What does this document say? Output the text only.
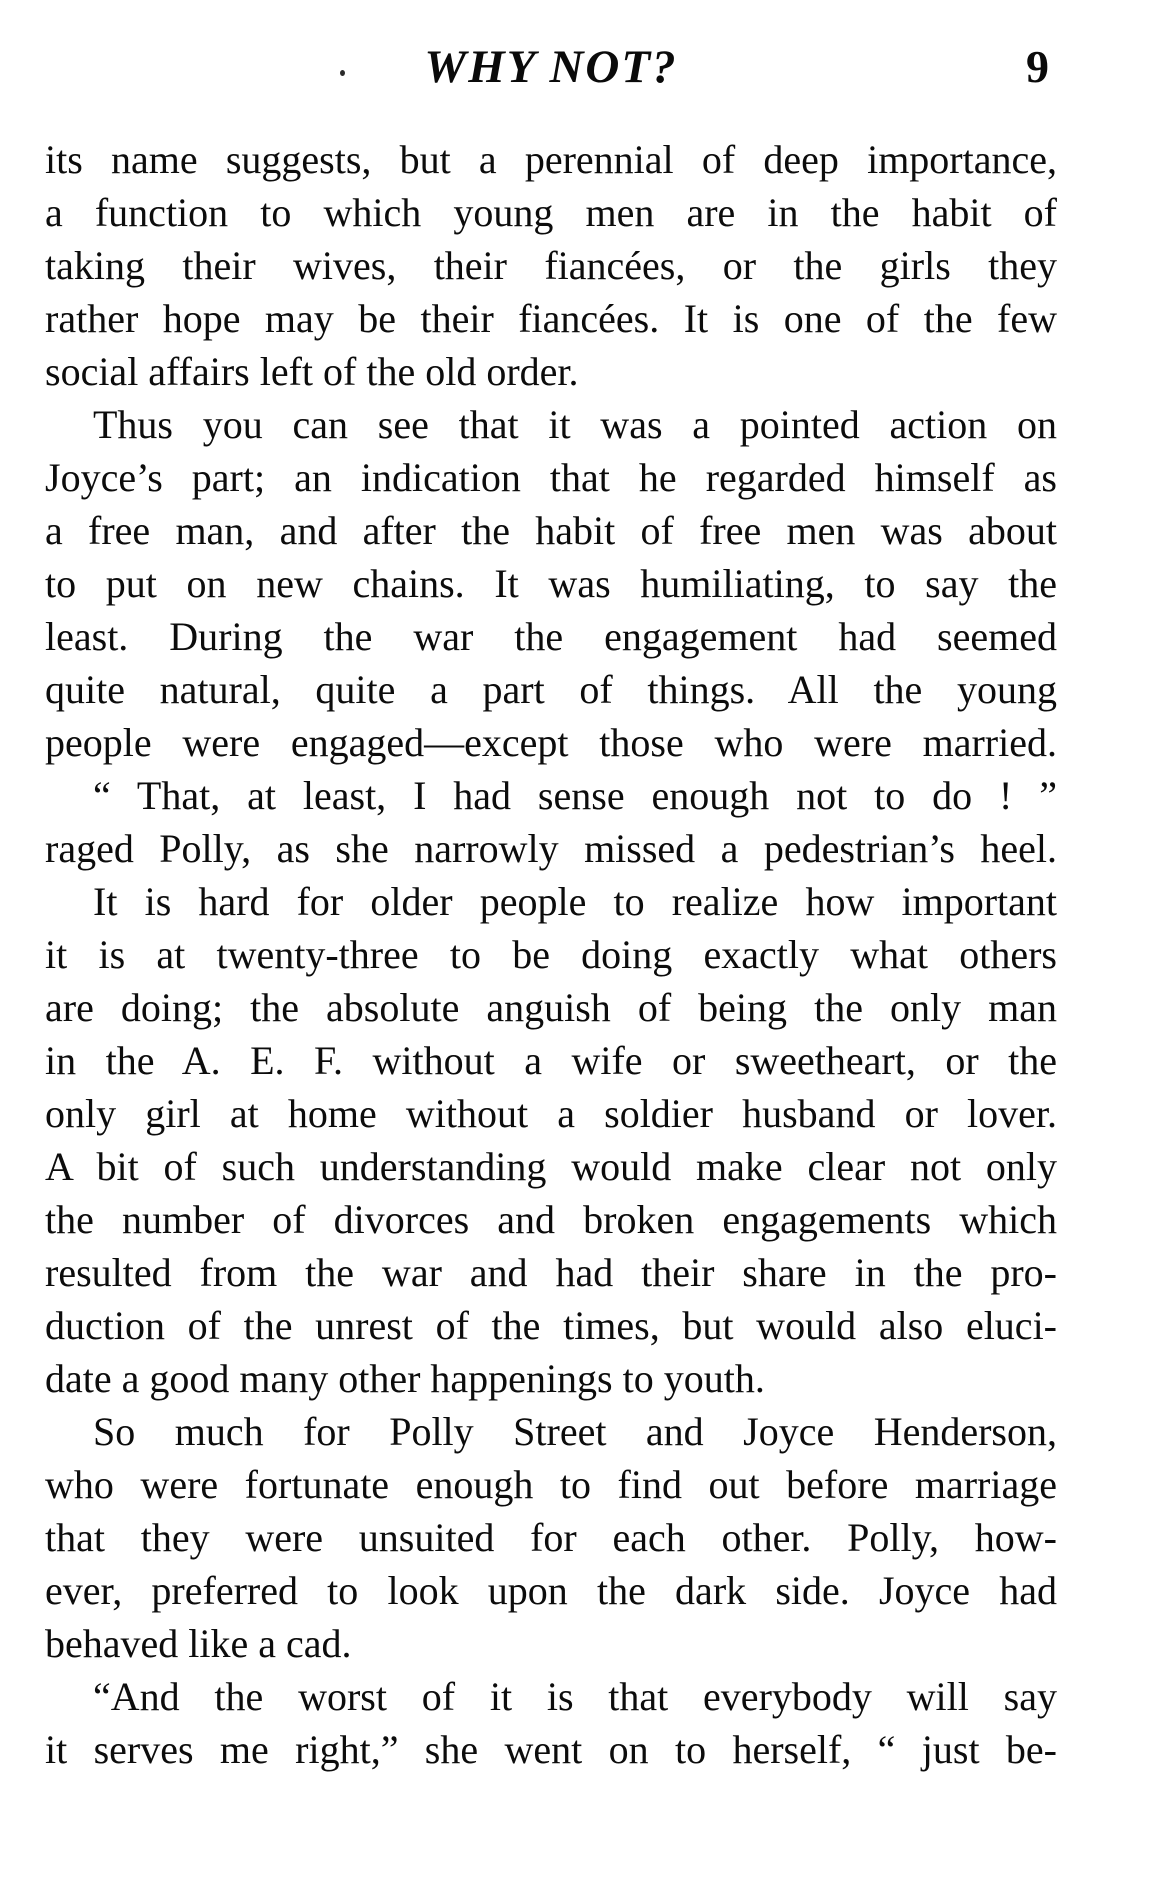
WHY NOT?	9
its name suggests, but a perennial of deep importance,
a function to which young men are in the habit of
taking their wives, their fiancées, or the girls they
rather hope may be their fiancées. It is one of the few
social affairs left of the old order.
Thus you can see that it was a pointed action on
Joyce’s part; an indication that he regarded himself as
a free man, and after the habit of free men was about
to put on new chains. It was humiliating, to say the
least. During the war the engagement had seemed
quite natural, quite a part of things. All the young
people were engaged—except those who were married.
“ That, at least, I had sense enough not to do ! ”
raged Polly, as she narrowly missed a pedestrian’s heel.
It is hard for older people to realize how important
it is at twenty-three to be doing exactly what others
are doing; the absolute anguish of being the only man
in the A. E. F. without a wife or sweetheart, or the
only girl at home without a soldier husband or lover.
A bit of such understanding would make clear not only
the number of divorces and broken engagements which
resulted from the war and had their share in the pro-
duction of the unrest of the times, but would also eluci-
date a good many other happenings to youth.
So much for Polly Street and Joyce Henderson,
who were fortunate enough to find out before marriage
that they were unsuited for each other. Polly, how-
ever, preferred to look upon the dark side. Joyce had
behaved like a cad.
“And the worst of it is that everybody will say
it serves me right,” she went on to herself, “ just be-
